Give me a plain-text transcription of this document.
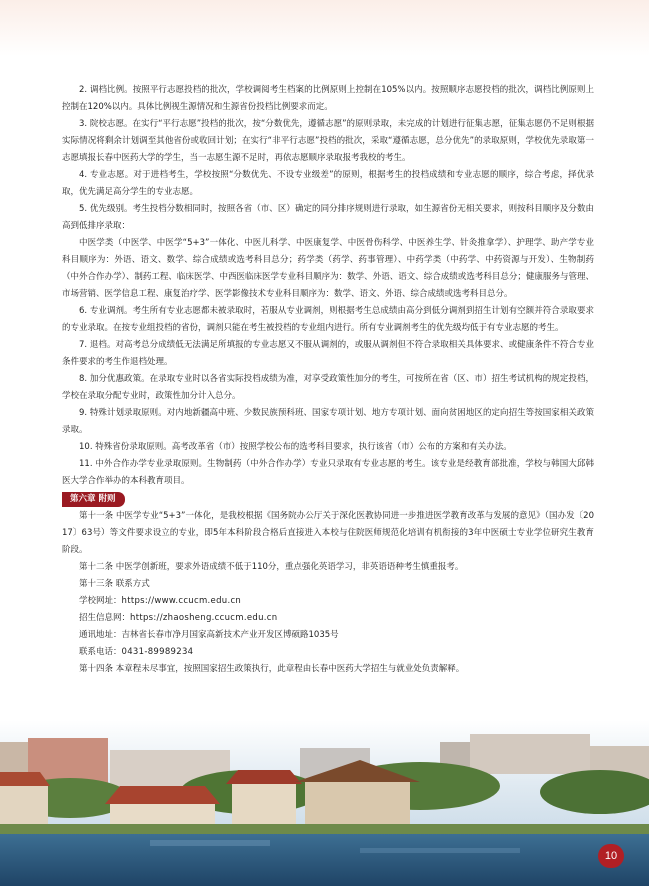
2. 调档比例。按照平行志愿投档的批次，学校调阅考生档案的比例原则上控制在105%以内。按照顺序志愿投档的批次，调档比例原则上控制在120%以内。具体比例视生源情况和生源省份投档比例要求而定。

3. 院校志愿。在实行“平行志愿”投档的批次，按“分数优先，遵循志愿”的原则录取，未完成的计划进行征集志愿，征集志愿仍不足则根据实际情况将剩余计划调至其他省份或收回计划；在实行“非平行志愿”投档的批次，采取“遵循志愿，总分优先”的录取原则，学校优先录取第一志愿填报长春中医药大学的学生，当一志愿生源不足时，再依志愿顺序录取报考我校的考生。

4. 专业志愿。对于进档考生，学校按照“分数优先、不设专业级差”的原则，根据考生的投档成绩和专业志愿的顺序，综合考虑，择优录取，优先满足高分学生的专业志愿。

5. 优先级别。考生投档分数相同时，按照各省（市、区）确定的同分排序规则进行录取，如生源省份无相关要求，则按科目顺序及分数由高到低排序录取：

中医学类（中医学、中医学“5+3”一体化、中医儿科学、中医康复学、中医骨伤科学、中医养生学、针灸推拿学）、护理学、助产学专业科目顺序为：外语、语文、数学、综合成绩或选考科目总分；药学类（药学、药事管理）、中药学类（中药学、中药资源与开发）、生物制药（中外合作办学）、制药工程、临床医学、中西医临床医学专业科目顺序为：数学、外语、语文、综合成绩或选考科目总分；健康服务与管理、市场营销、医学信息工程、康复治疗学、医学影像技术专业科目顺序为：数学、语文、外语、综合成绩或选考科目总分。

6. 专业调剂。考生所有专业志愿都未被录取时，若服从专业调剂，则根据考生总成绩由高分到低分调剂到招生计划有空额并符合录取要求的专业录取。在按专业组投档的省份，调剂只能在考生被投档的专业组内进行。所有专业调剂考生的优先级均低于有专业志愿的考生。

7. 退档。对高考总分成绩低无法满足所填报的专业志愿又不服从调剂的，或服从调剂但不符合录取相关具体要求、或健康条件不符合专业条件要求的考生作退档处理。

8. 加分优惠政策。在录取专业时以各省实际投档成绩为准，对享受政策性加分的考生，可按所在省（区、市）招生考试机构的规定投档，学校在录取分配专业时，政策性加分计入总分。

9. 特殊计划录取原则。对内地新疆高中班、少数民族预科班、国家专项计划、地方专项计划、面向贫困地区的定向招生等按国家相关政策录取。

10. 特殊省份录取原则。高考改革省（市）按照学校公布的选考科目要求，执行该省（市）公布的方案和有关办法。

11. 中外合作办学专业录取原则。生物制药（中外合作办学）专业只录取有专业志愿的考生。该专业是经教育部批准，学校与韩国大邱韩医大学合作举办的本科教育项目。

第六章 附则

第十一条 中医学专业“5+3”一体化，是我校根据《国务院办公厅关于深化医教协同进一步推进医学教育改革与发展的意见》（国办发〔2017〕63号）等文件要求设立的专业，即5年本科阶段合格后直接进入本校与住院医师规范化培训有机衔接的3年中医硕士专业学位研究生教育阶段。

第十二条 中医学创新班，要求外语成绩不低于110分，重点强化英语学习，非英语语种考生慎重报考。

第十三条 联系方式

学校网址：https://www.ccucm.edu.cn

招生信息网：https://zhaosheng.ccucm.edu.cn

通讯地址：吉林省长春市净月国家高新技术产业开发区博硕路1035号

联系电话：0431-89989234

第十四条 本章程未尽事宜，按照国家招生政策执行，此章程由长春中医药大学招生与就业处负责解释。

10
